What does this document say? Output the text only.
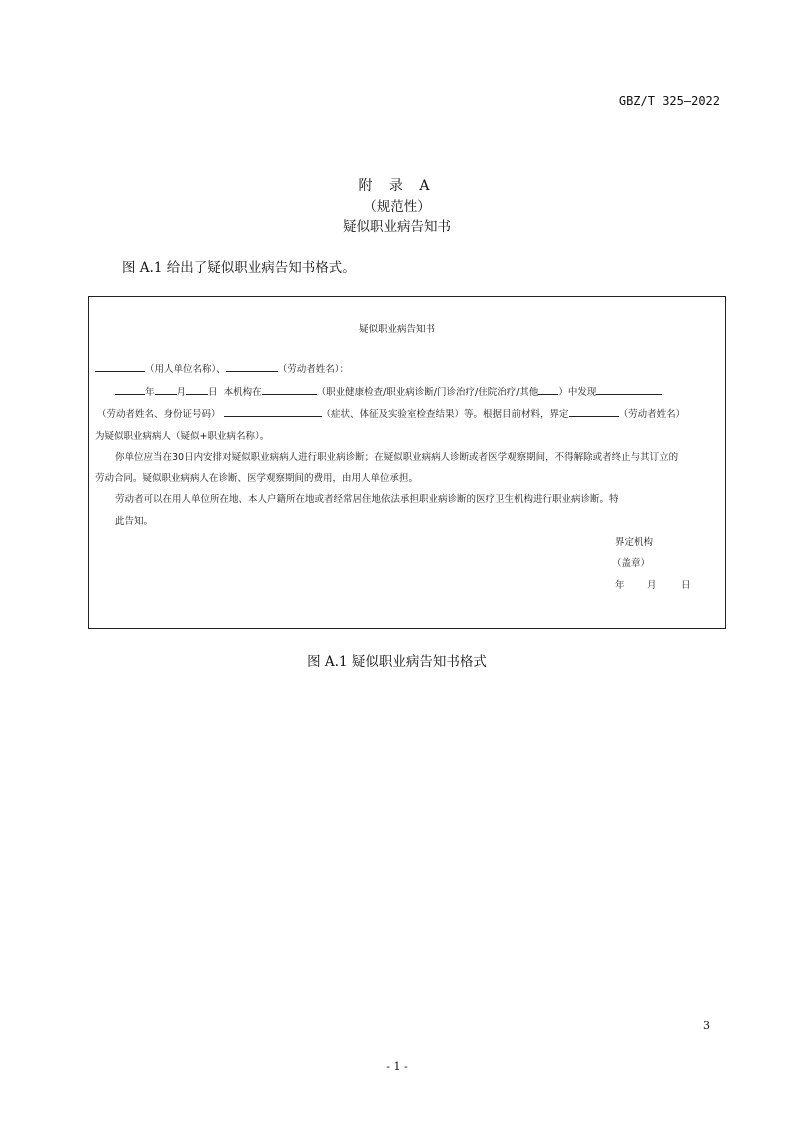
GBZ/T 325—2022
附 录 A
（规范性）
疑似职业病告知书
图 A.1 给出了疑似职业病告知书格式。
疑似职业病告知书
（用人单位名称）、	（劳动者姓名）：
年 月 日 本机构在	（职业健康检查/职业病诊断/门诊治疗/住院治疗/其他 ）中发现
（劳动者姓名、身份证号码）	（症状、体征及实验室检查结果）等。根据目前材料，界定	（劳动者姓名）
为疑似职业病病人（疑似+职业病名称）。
你单位应当在30日内安排对疑似职业病病人进行职业病诊断；在疑似职业病病人诊断或者医学观察期间，不得解除或者终止与其订立的
劳动合同。疑似职业病病人在诊断、医学观察期间的费用，由用人单位承担。
劳动者可以在用人单位所在地、本人户籍所在地或者经常居住地依法承担职业病诊断的医疗卫生机构进行职业病诊断。特
此告知。
界定机构
（盖章）
年 月	日
图 A.1 疑似职业病告知书格式
3
- 1 -
